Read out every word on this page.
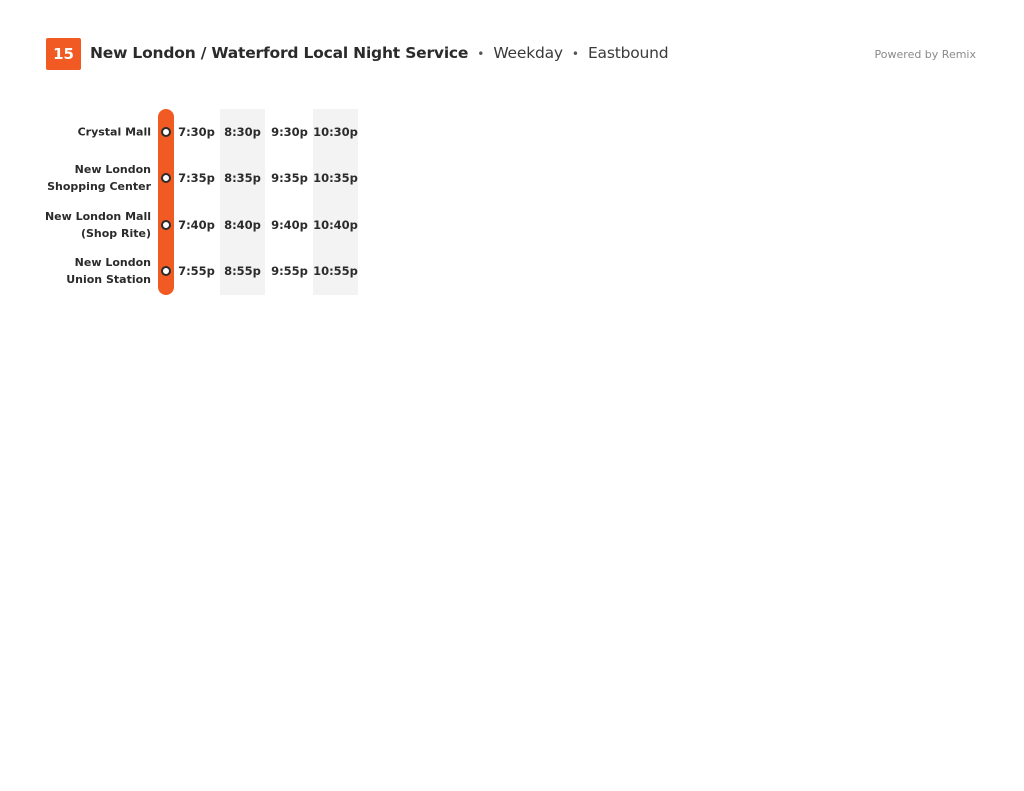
15	New London / Waterford Local Night Service • Weekday • Eastbound	Powered by Remix
Crystal Mall	7:30p 8:30p 9:30p 10:30p
New London
Shopping Center
7:35p 8:35p 9:35p 10:35p
New London Mall
(Shop Rite)
7:40p 8:40p 9:40p 10:40p
New London
Union Station
7:55p 8:55p 9:55p 10:55p
